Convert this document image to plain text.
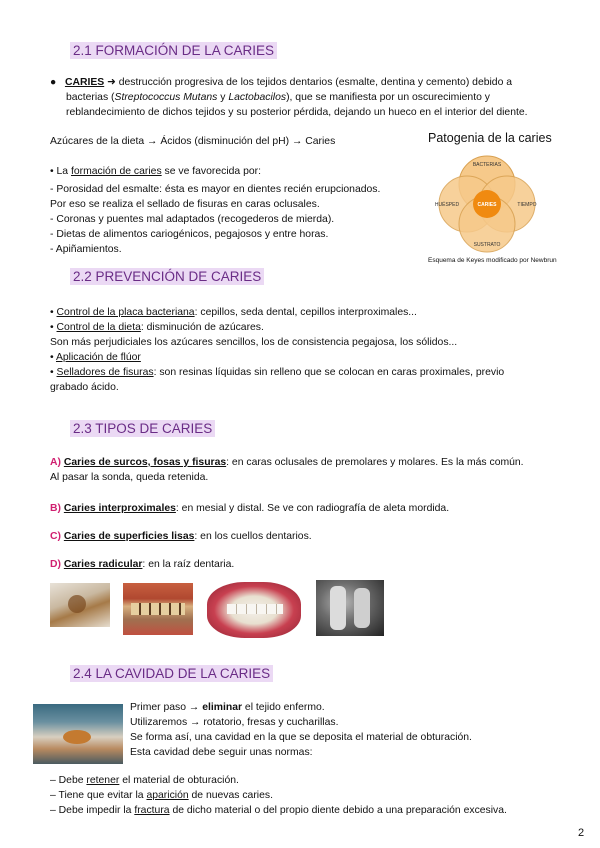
2.1 FORMACIÓN DE LA CARIES
●   CARIES ➜ destrucción progresiva de los tejidos dentarios (esmalte, dentina y cemento) debido a
bacterias (Streptococcus Mutans y Lactobacilos), que se manifiesta por un oscurecimiento y
reblandecimiento de dichos tejidos y su posterior pérdida, dejando un hueco en el interior del diente.
Azúcares de la dieta → Ácidos (disminución del pH) → Caries	Patogenia de la caries
BACTERIAS
HUÉSPED	TIEMPO
SUSTRATO
CARIES
Esquema de Keyes modificado por Newbrun
• La formación de caries se ve favorecida por:
- Porosidad del esmalte: ésta es mayor en dientes recién erupcionados.
Por eso se realiza el sellado de fisuras en caras oclusales.
- Coronas y puentes mal adaptados (recogederos de mierda).
- Dietas de alimentos cariogénicos, pegajosos y entre horas.
- Apiñamientos.
2.2 PREVENCIÓN DE CARIES
• Control de la placa bacteriana: cepillos, seda dental, cepillos interproximales...
• Control de la dieta: disminución de azúcares.
Son más perjudiciales los azúcares sencillos, los de consistencia pegajosa, los sólidos...
• Aplicación de flúor
• Selladores de fisuras: son resinas líquidas sin relleno que se colocan en caras proximales, previo
grabado ácido.
2.3 TIPOS DE CARIES
A) Caries de surcos, fosas y fisuras: en caras oclusales de premolares y molares. Es la más común.
Al pasar la sonda, queda retenida.
B) Caries interproximales: en mesial y distal. Se ve con radiografía de aleta mordida.
C) Caries de superficies lisas: en los cuellos dentarios.
D) Caries radicular: en la raíz dentaria.
2.4 LA CAVIDAD DE LA CARIES
Primer paso → eliminar el tejido enfermo.
Utilizaremos → rotatorio, fresas y cucharillas.
Se forma así, una cavidad en la que se deposita el material de obturación.
Esta cavidad debe seguir unas normas:
– Debe retener el material de obturación.
– Tiene que evitar la aparición de nuevas caries.
– Debe impedir la fractura de dicho material o del propio diente debido a una preparación excesiva.
2
